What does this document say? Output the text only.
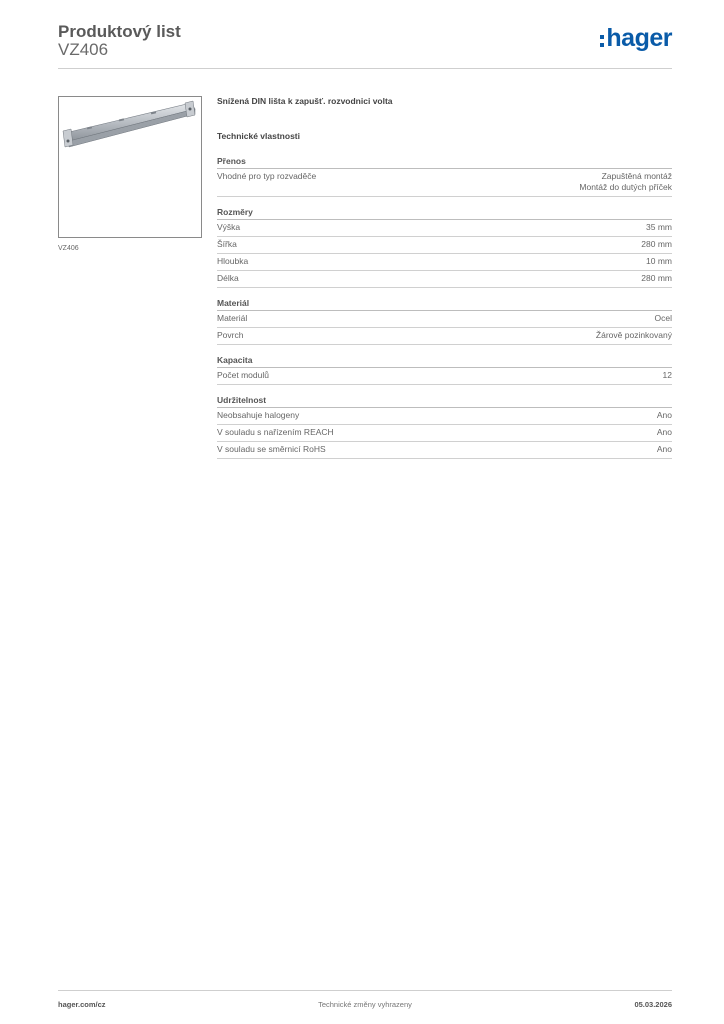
Produktový list
VZ406	hager
VZ406
Snížená DIN lišta k zapušť. rozvodnici volta
Technické vlastnosti
Přenos
Vhodné pro typ rozvaděče	Zapuštěná montáž
Montáž do dutých příček
Rozměry
Výška	35 mm
Šířka	280 mm
Hloubka	10 mm
Délka	280 mm
Materiál
Materiál	Ocel
Povrch	Žárově pozinkovaný
Kapacita
Počet modulů	12
Udržitelnost
Neobsahuje halogeny	Ano
V souladu s nařízením REACH	Ano
V souladu se směrnicí RoHS	Ano
hager.com/cz	Technické změny vyhrazeny	05.03.2026
